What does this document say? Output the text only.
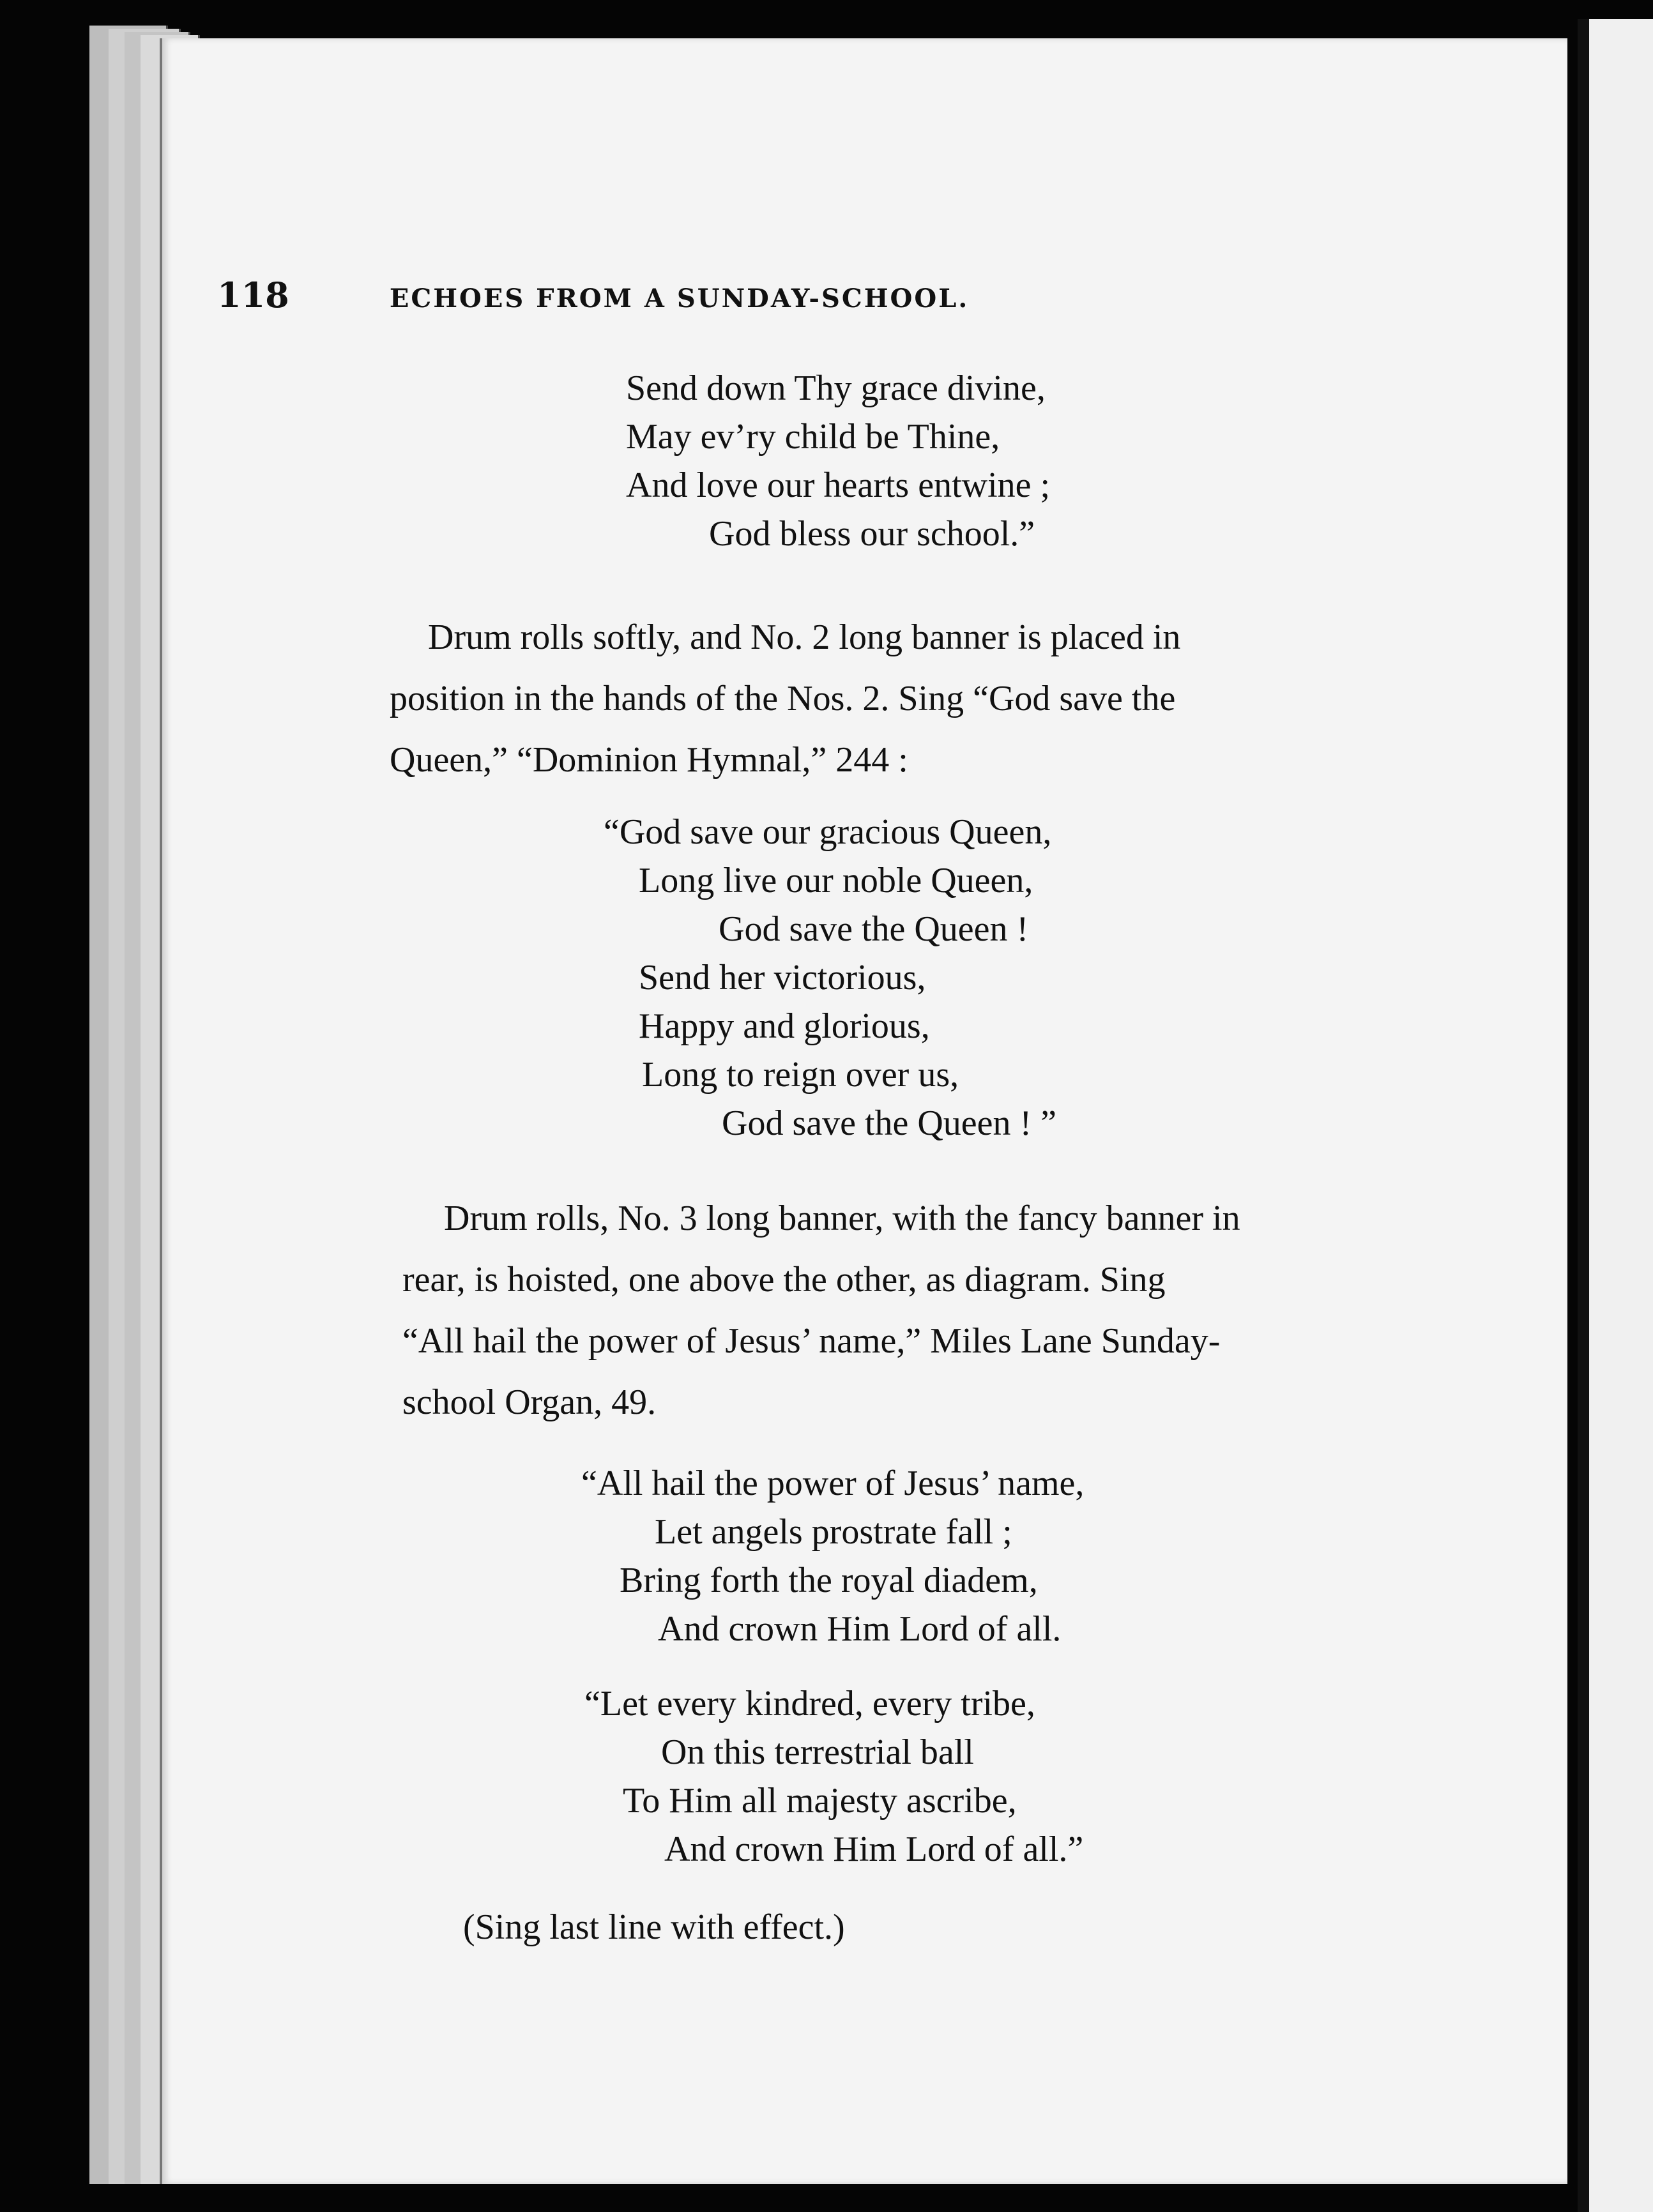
118	ECHOES FROM A SUNDAY-SCHOOL.
Send down Thy grace divine,
May ev’ry child be Thine,
And love our hearts entwine ;
God bless our school.”
Drum rolls softly, and No. 2 long banner is placed in
position in the hands of the Nos. 2. Sing “God save the
Queen,” “Dominion Hymnal,” 244 :
“God save our gracious Queen,
Long live our noble Queen,
God save the Queen !
Send her victorious,
Happy and glorious,
Long to reign over us,
God save the Queen ! ”
Drum rolls, No. 3 long banner, with the fancy banner in
rear, is hoisted, one above the other, as diagram. Sing
“All hail the power of Jesus’ name,” Miles Lane Sunday-
school Organ, 49.
“All hail the power of Jesus’ name,
Let angels prostrate fall ;
Bring forth the royal diadem,
And crown Him Lord of all.
“Let every kindred, every tribe,
On this terrestrial ball
To Him all majesty ascribe,
And crown Him Lord of all.”
(Sing last line with effect.)
